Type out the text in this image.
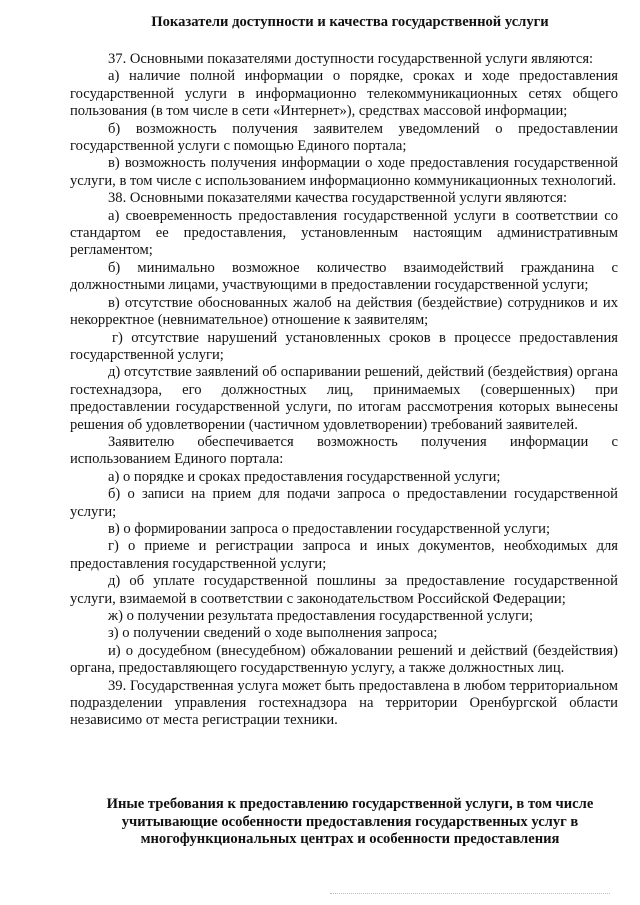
Показатели доступности и качества государственной услуги

37. Основными показателями доступности государственной услуги являются:

а) наличие полной информации о порядке, сроках и ходе предоставления государственной услуги в информационно телекоммуникационных сетях общего пользования (в том числе в сети «Интернет»), средствах массовой информации;

б) возможность получения заявителем уведомлений о предоставлении государственной услуги с помощью Единого портала;

в) возможность получения информации о ходе предоставления государственной услуги, в том числе с использованием информационно коммуникационных технологий.

38. Основными показателями качества государственной услуги являются:

а) своевременность предоставления государственной услуги в соответствии со стандартом ее предоставления, установленным настоящим административным регламентом;

б) минимально возможное количество взаимодействий гражданина с должностными лицами, участвующими в предоставлении государственной услуги;

в) отсутствие обоснованных жалоб на действия (бездействие) сотрудников и их некорректное (невнимательное) отношение к заявителям;

г) отсутствие нарушений установленных сроков в процессе предоставления государственной услуги;

д) отсутствие заявлений об оспаривании решений, действий (бездействия) органа гостехнадзора, его должностных лиц, принимаемых (совершенных) при предоставлении государственной услуги, по итогам рассмотрения которых вынесены решения об удовлетворении (частичном удовлетворении) требований заявителей.

Заявителю обеспечивается возможность получения информации с использованием Единого портала:

а) о порядке и сроках предоставления государственной услуги;

б) о записи на прием для подачи запроса о предоставлении государственной услуги;

в) о формировании запроса о предоставлении государственной услуги;

г) о приеме и регистрации запроса и иных документов, необходимых для предоставления государственной услуги;

д) об уплате государственной пошлины за предоставление государственной услуги, взимаемой в соответствии с законодательством Российской Федерации;

ж) о получении результата предоставления государственной услуги;

з) о получении сведений о ходе выполнения запроса;

и) о досудебном (внесудебном) обжаловании решений и действий (бездействия) органа, предоставляющего государственную услугу, а также должностных лиц.

39. Государственная услуга может быть предоставлена в любом территориальном подразделении управления гостехнадзора на территории Оренбургской области независимо от места регистрации техники.

Иные требования к предоставлению государственной услуги, в том числе учитывающие особенности предоставления государственных услуг в многофункциональных центрах и особенности предоставления
